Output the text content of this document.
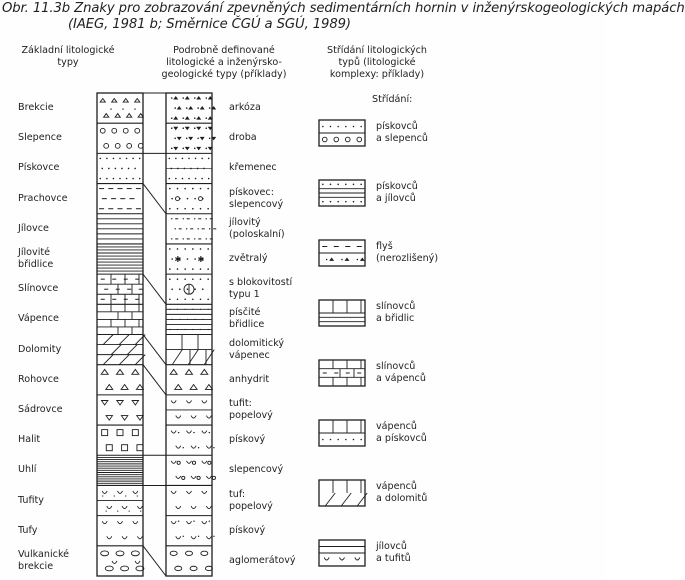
Obr. 11.3b Znaky pro zobrazování zpevněných sedimentárních hornin v inženýrskogeologických mapách
(IAEG, 1981 b; Směrnice ČGÚ a SGÚ, 1989)
Základní litologické
typy
Podrobně definované
litologické a inženýrsko-
geologické typy (příklady)
Střídání litologických
typů (litologické
komplexy: příklady)
Střídání:
✱ ✱
Brekcie
Slepence
Pískovce
Prachovce
Jílovce
Jílovité
břidlice
Slínovce
Vápence
Dolomity
Rohovce
Sádrovce
Halit
Uhlí
Tufity
Tufy
Vulkanické
brekcie
arkóza
droba
křemenec
pískovec:
slepencový
jílovitý
(poloskalní)
zvětralý
s blokovitostí
typu 1
písčité
břidlice
dolomitický
vápenec
anhydrit
tufit:
popelový
pískový
slepencový
tuf:
popelový
pískový
aglomerátový
pískovců
a slepenců
pískovců
a jílovců
flyš
(nerozlišený)
slínovců
a břidlic
slínovců
a vápenců
vápenců
a pískovců
vápenců
a dolomitů
jílovců
a tufitů
